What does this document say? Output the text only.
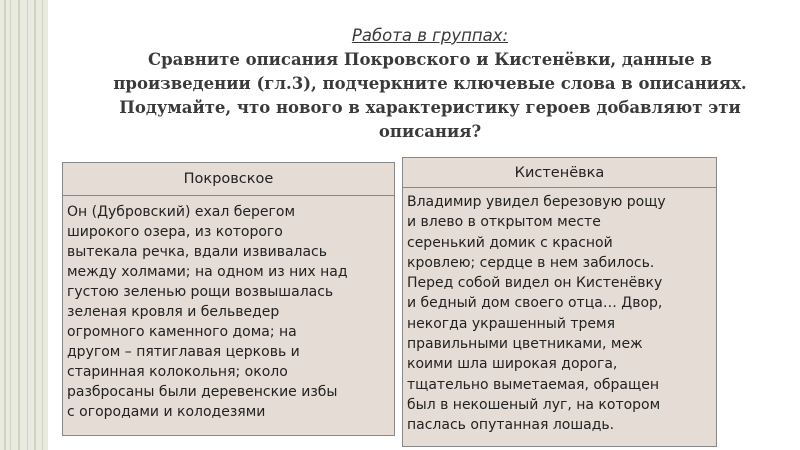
Работа в группах:
Сравните описания Покровского и Кистенёвки, данные в произведении (гл.3), подчеркните ключевые слова в описаниях. Подумайте, что нового в характеристику героев добавляют эти описания?
Покровское
Он (Дубровский) ехал берегом
широкого озера, из которого
вытекала речка, вдали извивалась
между холмами; на одном из них над
густою зеленью рощи возвышалась
зеленая кровля и бельведер
огромного каменного дома; на
другом – пятиглавая церковь и
старинная колокольня; около
разбросаны были деревенские избы
с огородами и колодезями
Кистенёвка
Владимир увидел березовую рощу
и влево в открытом месте
серенький домик с красной
кровлею; сердце в нем забилось.
Перед собой видел он Кистенёвку
и бедный дом своего отца… Двор,
некогда украшенный тремя
правильными цветниками, меж
коими шла широкая дорога,
тщательно выметаемая, обращен
был в некошеный луг, на котором
паслась опутанная лошадь.
